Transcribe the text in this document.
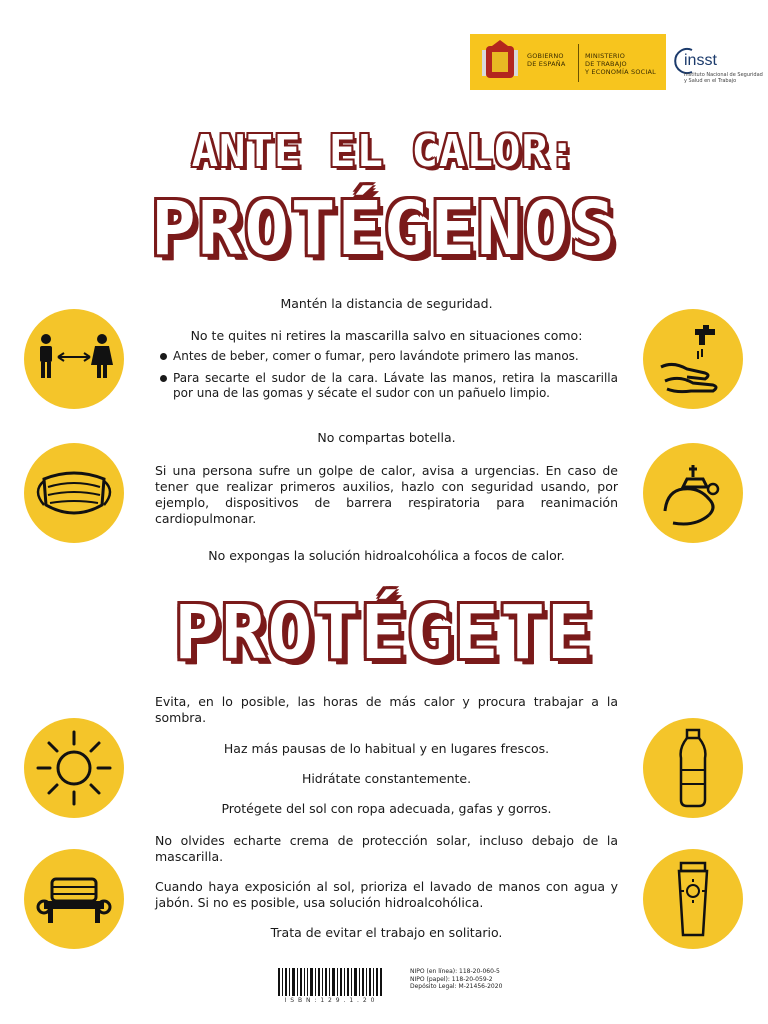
GOBIERNO
DE ESPAÑA
MINISTERIO
DE TRABAJO
Y ECONOMÍA SOCIAL
insst
Instituto Nacional de Seguridad y Salud en el Trabajo
ANTE EL CALOR:
PROTÉGENOS
Mantén la distancia de seguridad.
No te quites ni retires la mascarilla salvo en situaciones como:
Antes de beber, comer o fumar, pero lavándote primero las manos.
Para secarte el sudor de la cara. Lávate las manos, retira la mascarilla por una de las gomas y sécate el sudor con un pañuelo limpio.
No compartas botella.
Si una persona sufre un golpe de calor, avisa a urgencias. En caso de tener que realizar primeros auxilios, hazlo con seguridad usando, por ejemplo, dispositivos de barrera respiratoria para reanimación cardiopulmonar.
No expongas la solución hidroalcohólica a focos de calor.
PROTÉGETE
Evita, en lo posible, las horas de más calor y procura trabajar a la sombra.
Haz más pausas de lo habitual y en lugares frescos.
Hidrátate constantemente.
Protégete del sol con ropa adecuada, gafas y gorros.
No olvides echarte crema de protección solar, incluso debajo de la mascarilla.
Cuando haya exposición al sol, prioriza el lavado de manos con agua y jabón. Si no es posible, usa solución hidroalcohólica.
Trata de evitar el trabajo en solitario.
I S B N : 1 2 9 . 1 . 2 0
NIPO (en línea): 118-20-060-5
NIPO (papel): 118-20-059-2
Depósito Legal: M-21456-2020
